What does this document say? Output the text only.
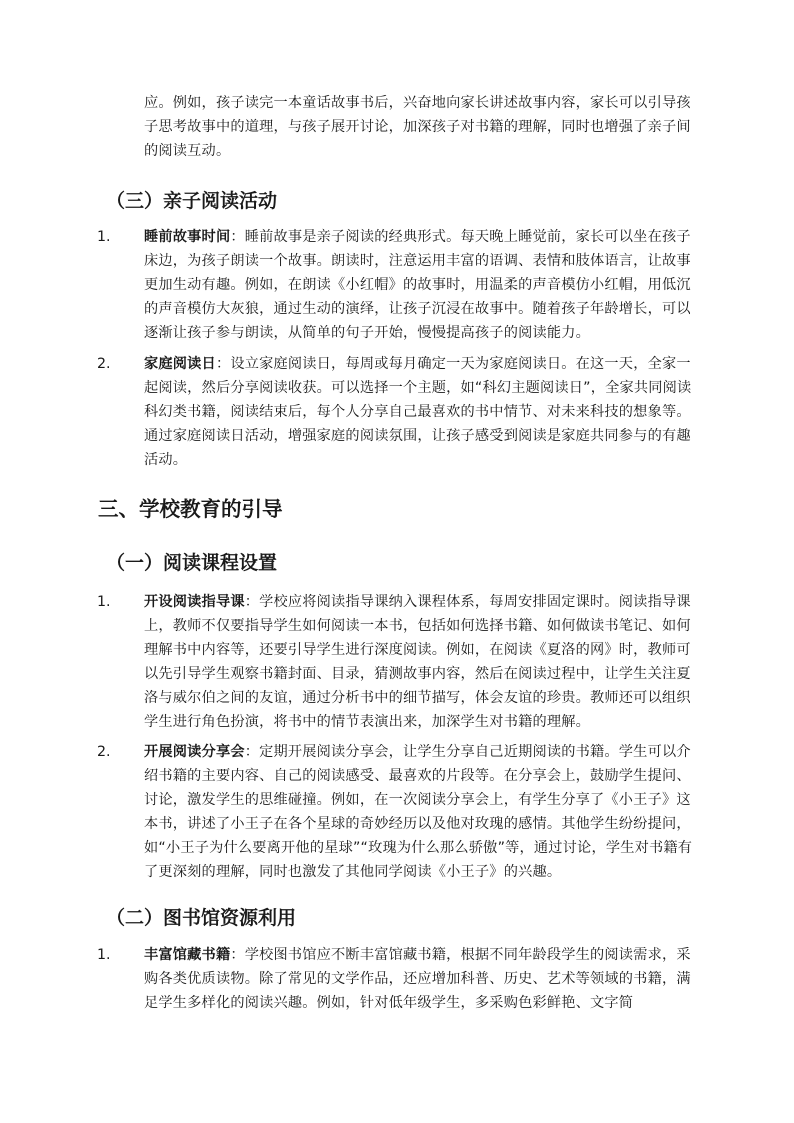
应。例如，孩子读完一本童话故事书后，兴奋地向家长讲述故事内容，家长可以引导孩子思考故事中的道理，与孩子展开讨论，加深孩子对书籍的理解，同时也增强了亲子间的阅读互动。

（三）亲子阅读活动
1. 睡前故事时间：睡前故事是亲子阅读的经典形式。每天晚上睡觉前，家长可以坐在孩子床边，为孩子朗读一个故事。朗读时，注意运用丰富的语调、表情和肢体语言，让故事更加生动有趣。例如，在朗读《小红帽》的故事时，用温柔的声音模仿小红帽，用低沉的声音模仿大灰狼，通过生动的演绎，让孩子沉浸在故事中。随着孩子年龄增长，可以逐渐让孩子参与朗读，从简单的句子开始，慢慢提高孩子的阅读能力。

2. 家庭阅读日：设立家庭阅读日，每周或每月确定一天为家庭阅读日。在这一天，全家一起阅读，然后分享阅读收获。可以选择一个主题，如“科幻主题阅读日”，全家共同阅读科幻类书籍，阅读结束后，每个人分享自己最喜欢的书中情节、对未来科技的想象等。通过家庭阅读日活动，增强家庭的阅读氛围，让孩子感受到阅读是家庭共同参与的有趣活动。

三、学校教育的引导
（一）阅读课程设置
1. 开设阅读指导课：学校应将阅读指导课纳入课程体系，每周安排固定课时。阅读指导课上，教师不仅要指导学生如何阅读一本书，包括如何选择书籍、如何做读书笔记、如何理解书中内容等，还要引导学生进行深度阅读。例如，在阅读《夏洛的网》时，教师可以先引导学生观察书籍封面、目录，猜测故事内容，然后在阅读过程中，让学生关注夏洛与威尔伯之间的友谊，通过分析书中的细节描写，体会友谊的珍贵。教师还可以组织学生进行角色扮演，将书中的情节表演出来，加深学生对书籍的理解。

2. 开展阅读分享会：定期开展阅读分享会，让学生分享自己近期阅读的书籍。学生可以介绍书籍的主要内容、自己的阅读感受、最喜欢的片段等。在分享会上，鼓励学生提问、讨论，激发学生的思维碰撞。例如，在一次阅读分享会上，有学生分享了《小王子》这本书，讲述了小王子在各个星球的奇妙经历以及他对玫瑰的感情。其他学生纷纷提问，如“小王子为什么要离开他的星球”“玫瑰为什么那么骄傲”等，通过讨论，学生对书籍有了更深刻的理解，同时也激发了其他同学阅读《小王子》的兴趣。

（二）图书馆资源利用
1. 丰富馆藏书籍：学校图书馆应不断丰富馆藏书籍，根据不同年龄段学生的阅读需求，采购各类优质读物。除了常见的文学作品，还应增加科普、历史、艺术等领域的书籍，满足学生多样化的阅读兴趣。例如，针对低年级学生，多采购色彩鲜艳、文字简
